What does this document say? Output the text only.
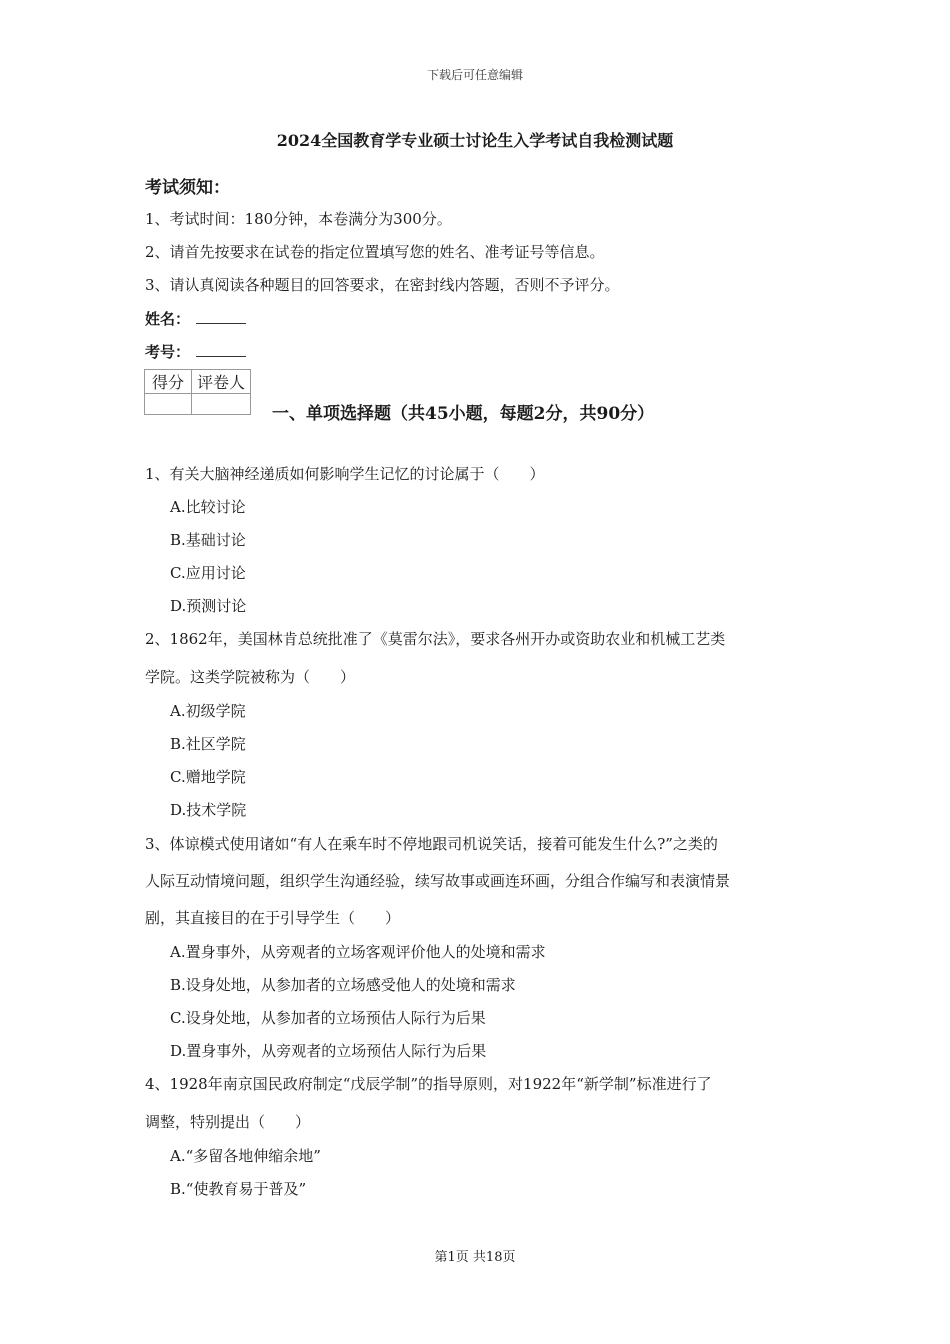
下载后可任意编辑
2024全国教育学专业硕士讨论生入学考试自我检测试题
考试须知：
1、考试时间：180分钟，本卷满分为300分。
2、请首先按要求在试卷的指定位置填写您的姓名、准考证号等信息。
3、请认真阅读各种题目的回答要求，在密封线内答题，否则不予评分。
姓名：
考号：
得分	评卷人

一、单项选择题（共45小题，每题2分，共90分）
1、有关大脑神经递质如何影响学生记忆的讨论属于（　　）
A.比较讨论
B.基础讨论
C.应用讨论
D.预测讨论
2、1862年，美国林肯总统批准了《莫雷尔法》，要求各州开办或资助农业和机械工艺类
学院。这类学院被称为（　　）
A.初级学院
B.社区学院
C.赠地学院
D.技术学院
3、体谅模式使用诸如“有人在乘车时不停地跟司机说笑话，接着可能发生什么?”之类的
人际互动情境问题，组织学生沟通经验，续写故事或画连环画，分组合作编写和表演情景
剧，其直接目的在于引导学生（　　）
A.置身事外，从旁观者的立场客观评价他人的处境和需求
B.设身处地，从参加者的立场感受他人的处境和需求
C.设身处地，从参加者的立场预估人际行为后果
D.置身事外，从旁观者的立场预估人际行为后果
4、1928年南京国民政府制定“戊辰学制”的指导原则，对1922年“新学制”标准进行了
调整，特别提出（　　）
A.“多留各地伸缩余地”
B.“使教育易于普及”
第1页 共18页
